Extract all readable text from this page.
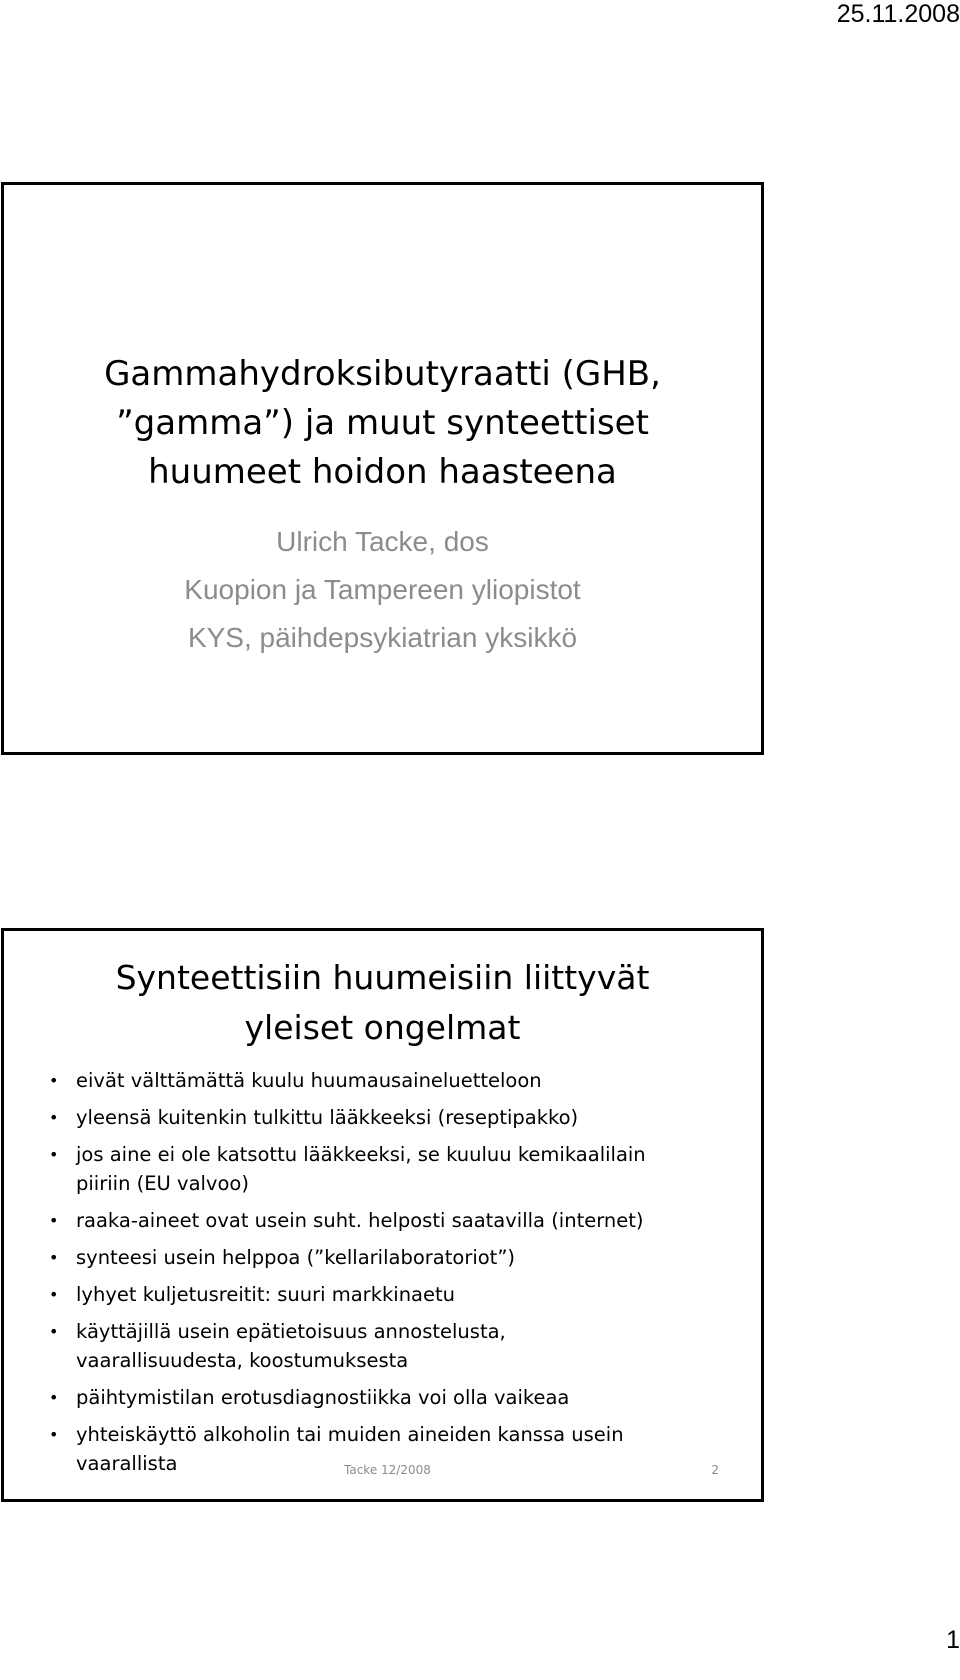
25.11.2008
Gammahydroksibutyraatti (GHB,
”gamma”) ja muut synteettiset
huumeet hoidon haasteena
Ulrich Tacke, dos
Kuopion ja Tampereen yliopistot
KYS, päihdepsykiatrian yksikkö
Synteettisiin huumeisiin liittyvät
yleiset ongelmat
• eivät välttämättä kuulu huumausaineluetteloon
• yleensä kuitenkin tulkittu lääkkeeksi (reseptipakko)
• jos aine ei ole katsottu lääkkeeksi, se kuuluu kemikaalilain
piiriin (EU valvoo)
• raaka-aineet ovat usein suht. helposti saatavilla (internet)
• synteesi usein helppoa (”kellarilaboratoriot”)
• lyhyet kuljetusreitit: suuri markkinaetu
• käyttäjillä usein epätietoisuus annostelusta,
vaarallisuudesta, koostumuksesta
• päihtymistilan erotusdiagnostiikka voi olla vaikeaa
• yhteiskäyttö alkoholin tai muiden aineiden kanssa usein
vaarallista	Tacke 12/2008	2
1
